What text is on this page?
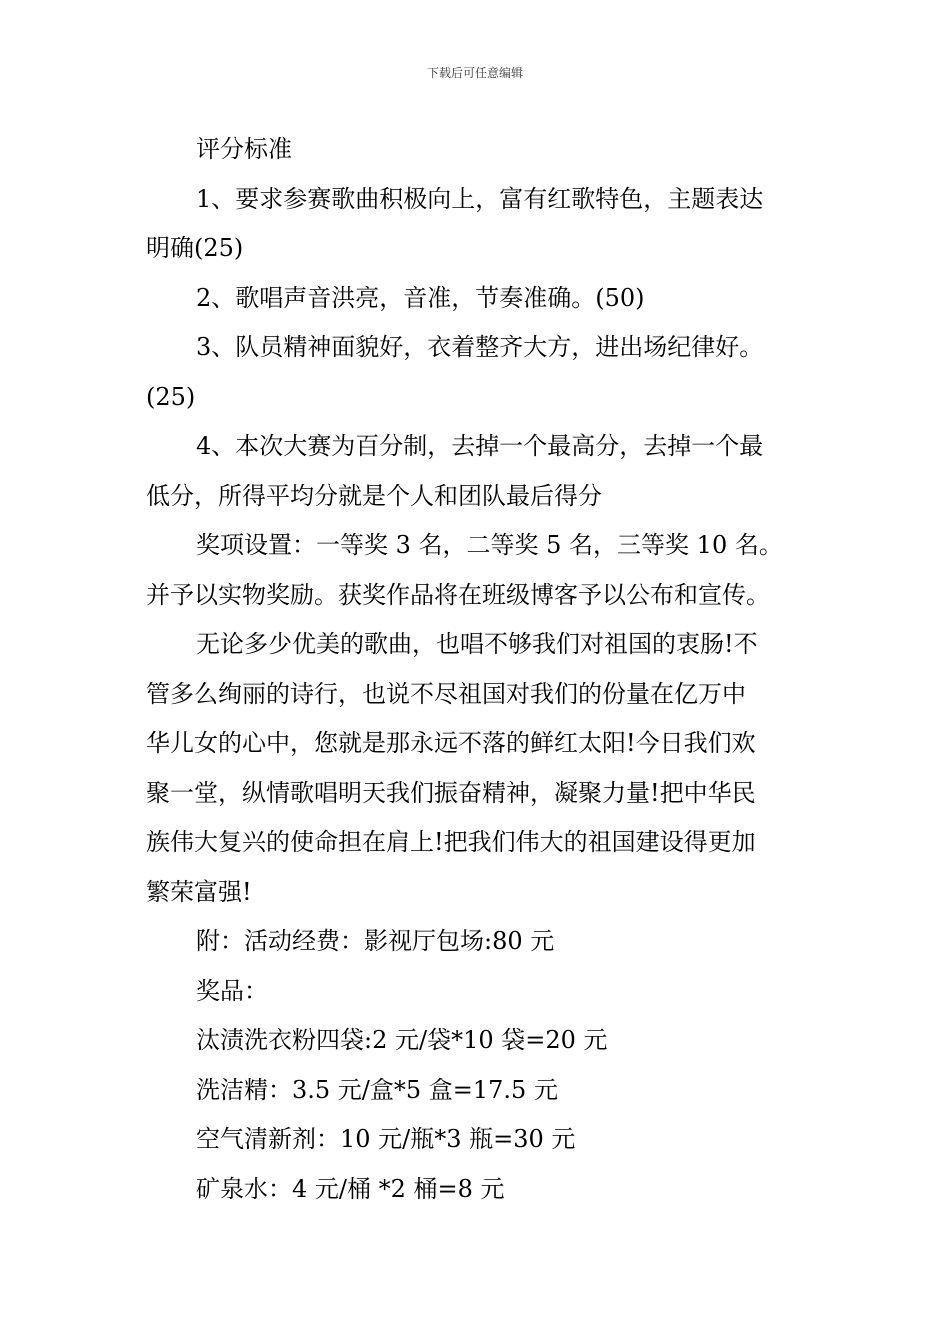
下载后可任意编辑
评分标准
1、要求参赛歌曲积极向上，富有红歌特色，主题表达
明确(25)
2、歌唱声音洪亮，音准，节奏准确。(50)
3、队员精神面貌好，衣着整齐大方，进出场纪律好。
(25)
4、本次大赛为百分制，去掉一个最高分，去掉一个最
低分，所得平均分就是个人和团队最后得分
奖项设置：一等奖 3 名，二等奖 5 名，三等奖 10 名。
并予以实物奖励。获奖作品将在班级博客予以公布和宣传。
无论多少优美的歌曲，也唱不够我们对祖国的衷肠!不
管多么绚丽的诗行，也说不尽祖国对我们的份量在亿万中
华儿女的心中，您就是那永远不落的鲜红太阳!今日我们欢
聚一堂，纵情歌唱明天我们振奋精神，凝聚力量!把中华民
族伟大复兴的使命担在肩上!把我们伟大的祖国建设得更加
繁荣富强!
附：活动经费：影视厅包场:80 元
奖品：
汰渍洗衣粉四袋:2 元/袋*10 袋=20 元
洗洁精：3.5 元/盒*5 盒=17.5 元
空气清新剂：10 元/瓶*3 瓶=30 元
矿泉水：4 元/桶 *2 桶=8 元
